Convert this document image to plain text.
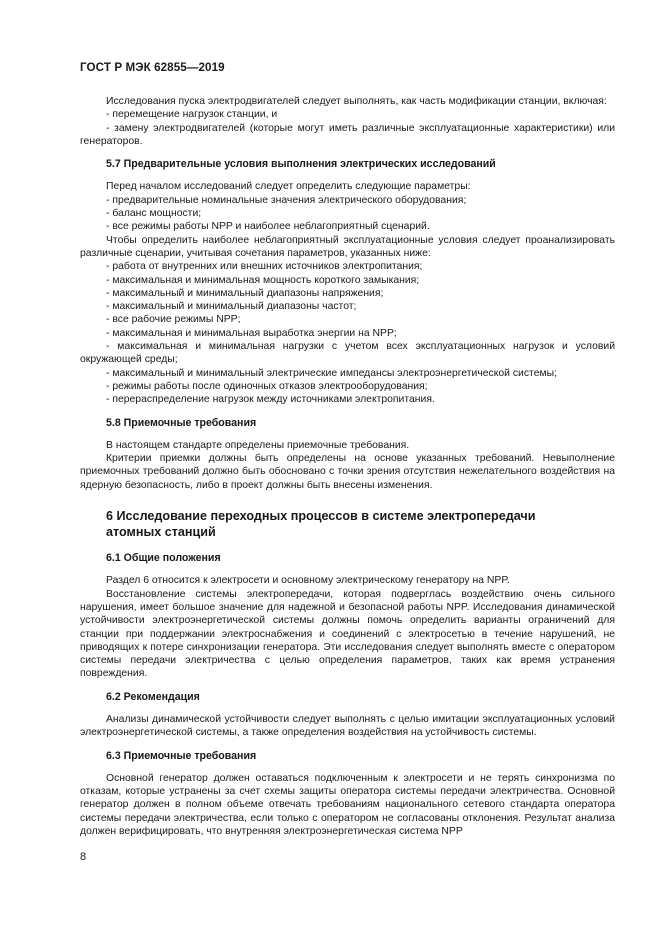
ГОСТ Р МЭК 62855—2019

Исследования пуска электродвигателей следует выполнять, как часть модификации станции, включая:

- перемещение нагрузок станции, и

- замену электродвигателей (которые могут иметь различные эксплуатационные характеристики) или генераторов.

5.7 Предварительные условия выполнения электрических исследований

Перед началом исследований следует определить следующие параметры:

- предварительные номинальные значения электрического оборудования;

- баланс мощности;

- все режимы работы NPP и наиболее неблагоприятный сценарий.

Чтобы определить наиболее неблагоприятный эксплуатационные условия следует проанализировать различные сценарии, учитывая сочетания параметров, указанных ниже:

- работа от внутренних или внешних источников электропитания;

- максимальная и минимальная мощность короткого замыкания;

- максимальный и минимальный диапазоны напряжения;

- максимальный и минимальный диапазоны частот;

- все рабочие режимы NPP;

- максимальная и минимальная выработка энергии на NPP;

- максимальная и минимальная нагрузки с учетом всех эксплуатационных нагрузок и условий окружающей среды;

- максимальный и минимальный электрические импедансы электроэнергетической системы;

- режимы работы после одиночных отказов электрооборудования;

- перераспределение нагрузок между источниками электропитания.

5.8 Приемочные требования

В настоящем стандарте определены приемочные требования.

Критерии приемки должны быть определены на основе указанных требований. Невыполнение приемочных требований должно быть обосновано с точки зрения отсутствия нежелательного воздействия на ядерную безопасность, либо в проект должны быть внесены изменения.

6 Исследование переходных процессов в системе электропередачи атомных станций
6.1 Общие положения

Раздел 6 относится к электросети и основному электрическому генератору на NPP.

Восстановление системы электропередачи, которая подверглась воздействию очень сильного нарушения, имеет большое значение для надежной и безопасной работы NPP. Исследования динамической устойчивости электроэнергетической системы должны помочь определить варианты ограничений для станции при поддержании электроснабжения и соединений с электросетью в течение нарушений, не приводящих к потере синхронизации генератора. Эти исследования следует выполнять вместе с оператором системы передачи электричества с целью определения параметров, таких как время устранения повреждения.

6.2 Рекомендация

Анализы динамической устойчивости следует выполнять с целью имитации эксплуатационных условий электроэнергетической системы, а также определения воздействия на устойчивость системы.

6.3 Приемочные требования

Основной генератор должен оставаться подключенным к электросети и не терять синхронизма по отказам, которые устранены за счет схемы защиты оператора системы передачи электричества. Основной генератор должен в полном объеме отвечать требованиям национального сетевого стандарта оператора системы передачи электричества, если только с оператором не согласованы отклонения. Результат анализа должен верифицировать, что внутренняя электроэнергетическая система NPP

8
